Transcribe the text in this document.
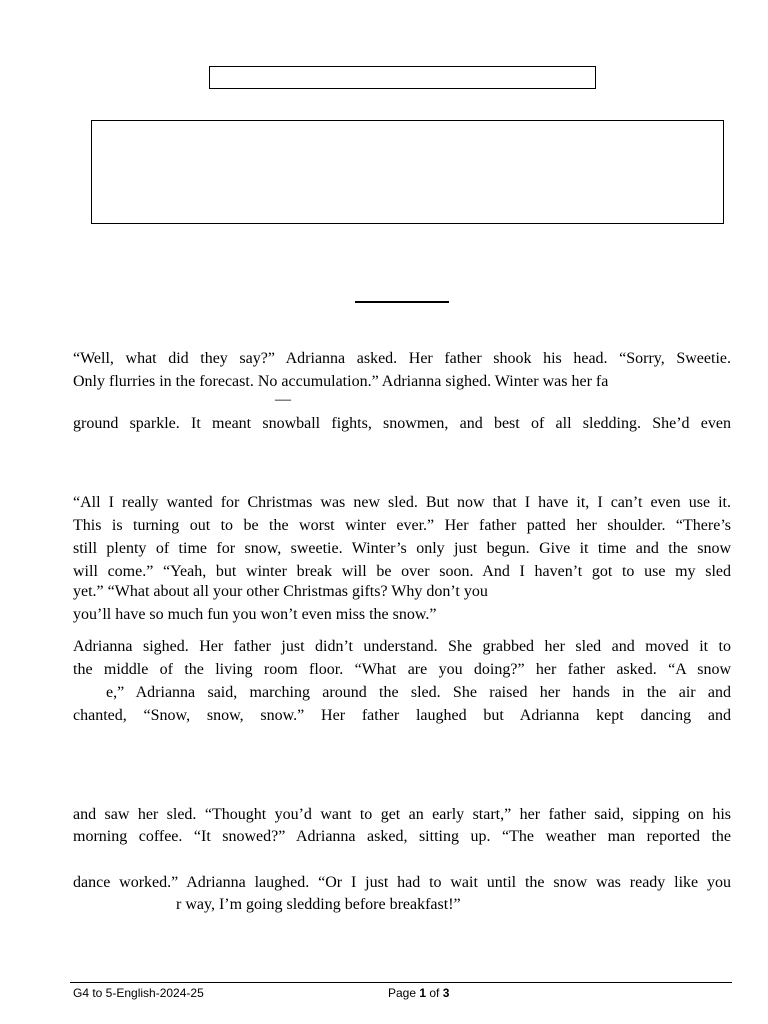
“Well, what did they say?” Adrianna asked. Her father shook his head. “Sorry, Sweetie.
Only flurries in the forecast. No accumulation.” Adrianna sighed. Winter was her fa
—
ground sparkle. It meant snowball fights, snowmen, and best of all sledding. She’d even
“All I really wanted for Christmas was new sled. But now that I have it, I can’t even use it.
This is turning out to be the worst winter ever.” Her father patted her shoulder. “There’s
still plenty of time for snow, sweetie. Winter’s only just begun. Give it time and the snow
will come.” “Yeah, but winter break will be over soon. And I haven’t got to use my sled
yet.” “What about all your other Christmas gifts? Why don’t you
you’ll have so much fun you won’t even miss the snow.”
Adrianna sighed. Her father just didn’t understand. She grabbed her sled and moved it to
the middle of the living room floor. “What are you doing?” her father asked. “A snow
e,” Adrianna said, marching around the sled. She raised her hands in the air and
chanted, “Snow, snow, snow.” Her father laughed but Adrianna kept dancing and
and saw her sled. “Thought you’d want to get an early start,” her father said, sipping on his
morning coffee. “It snowed?” Adrianna asked, sitting up. “The weather man reported the
dance worked.” Adrianna laughed. “Or I just had to wait until the snow was ready like you
r way, I’m going sledding before breakfast!”
G4 to 5-English-2024-25	Page 1 of 3
